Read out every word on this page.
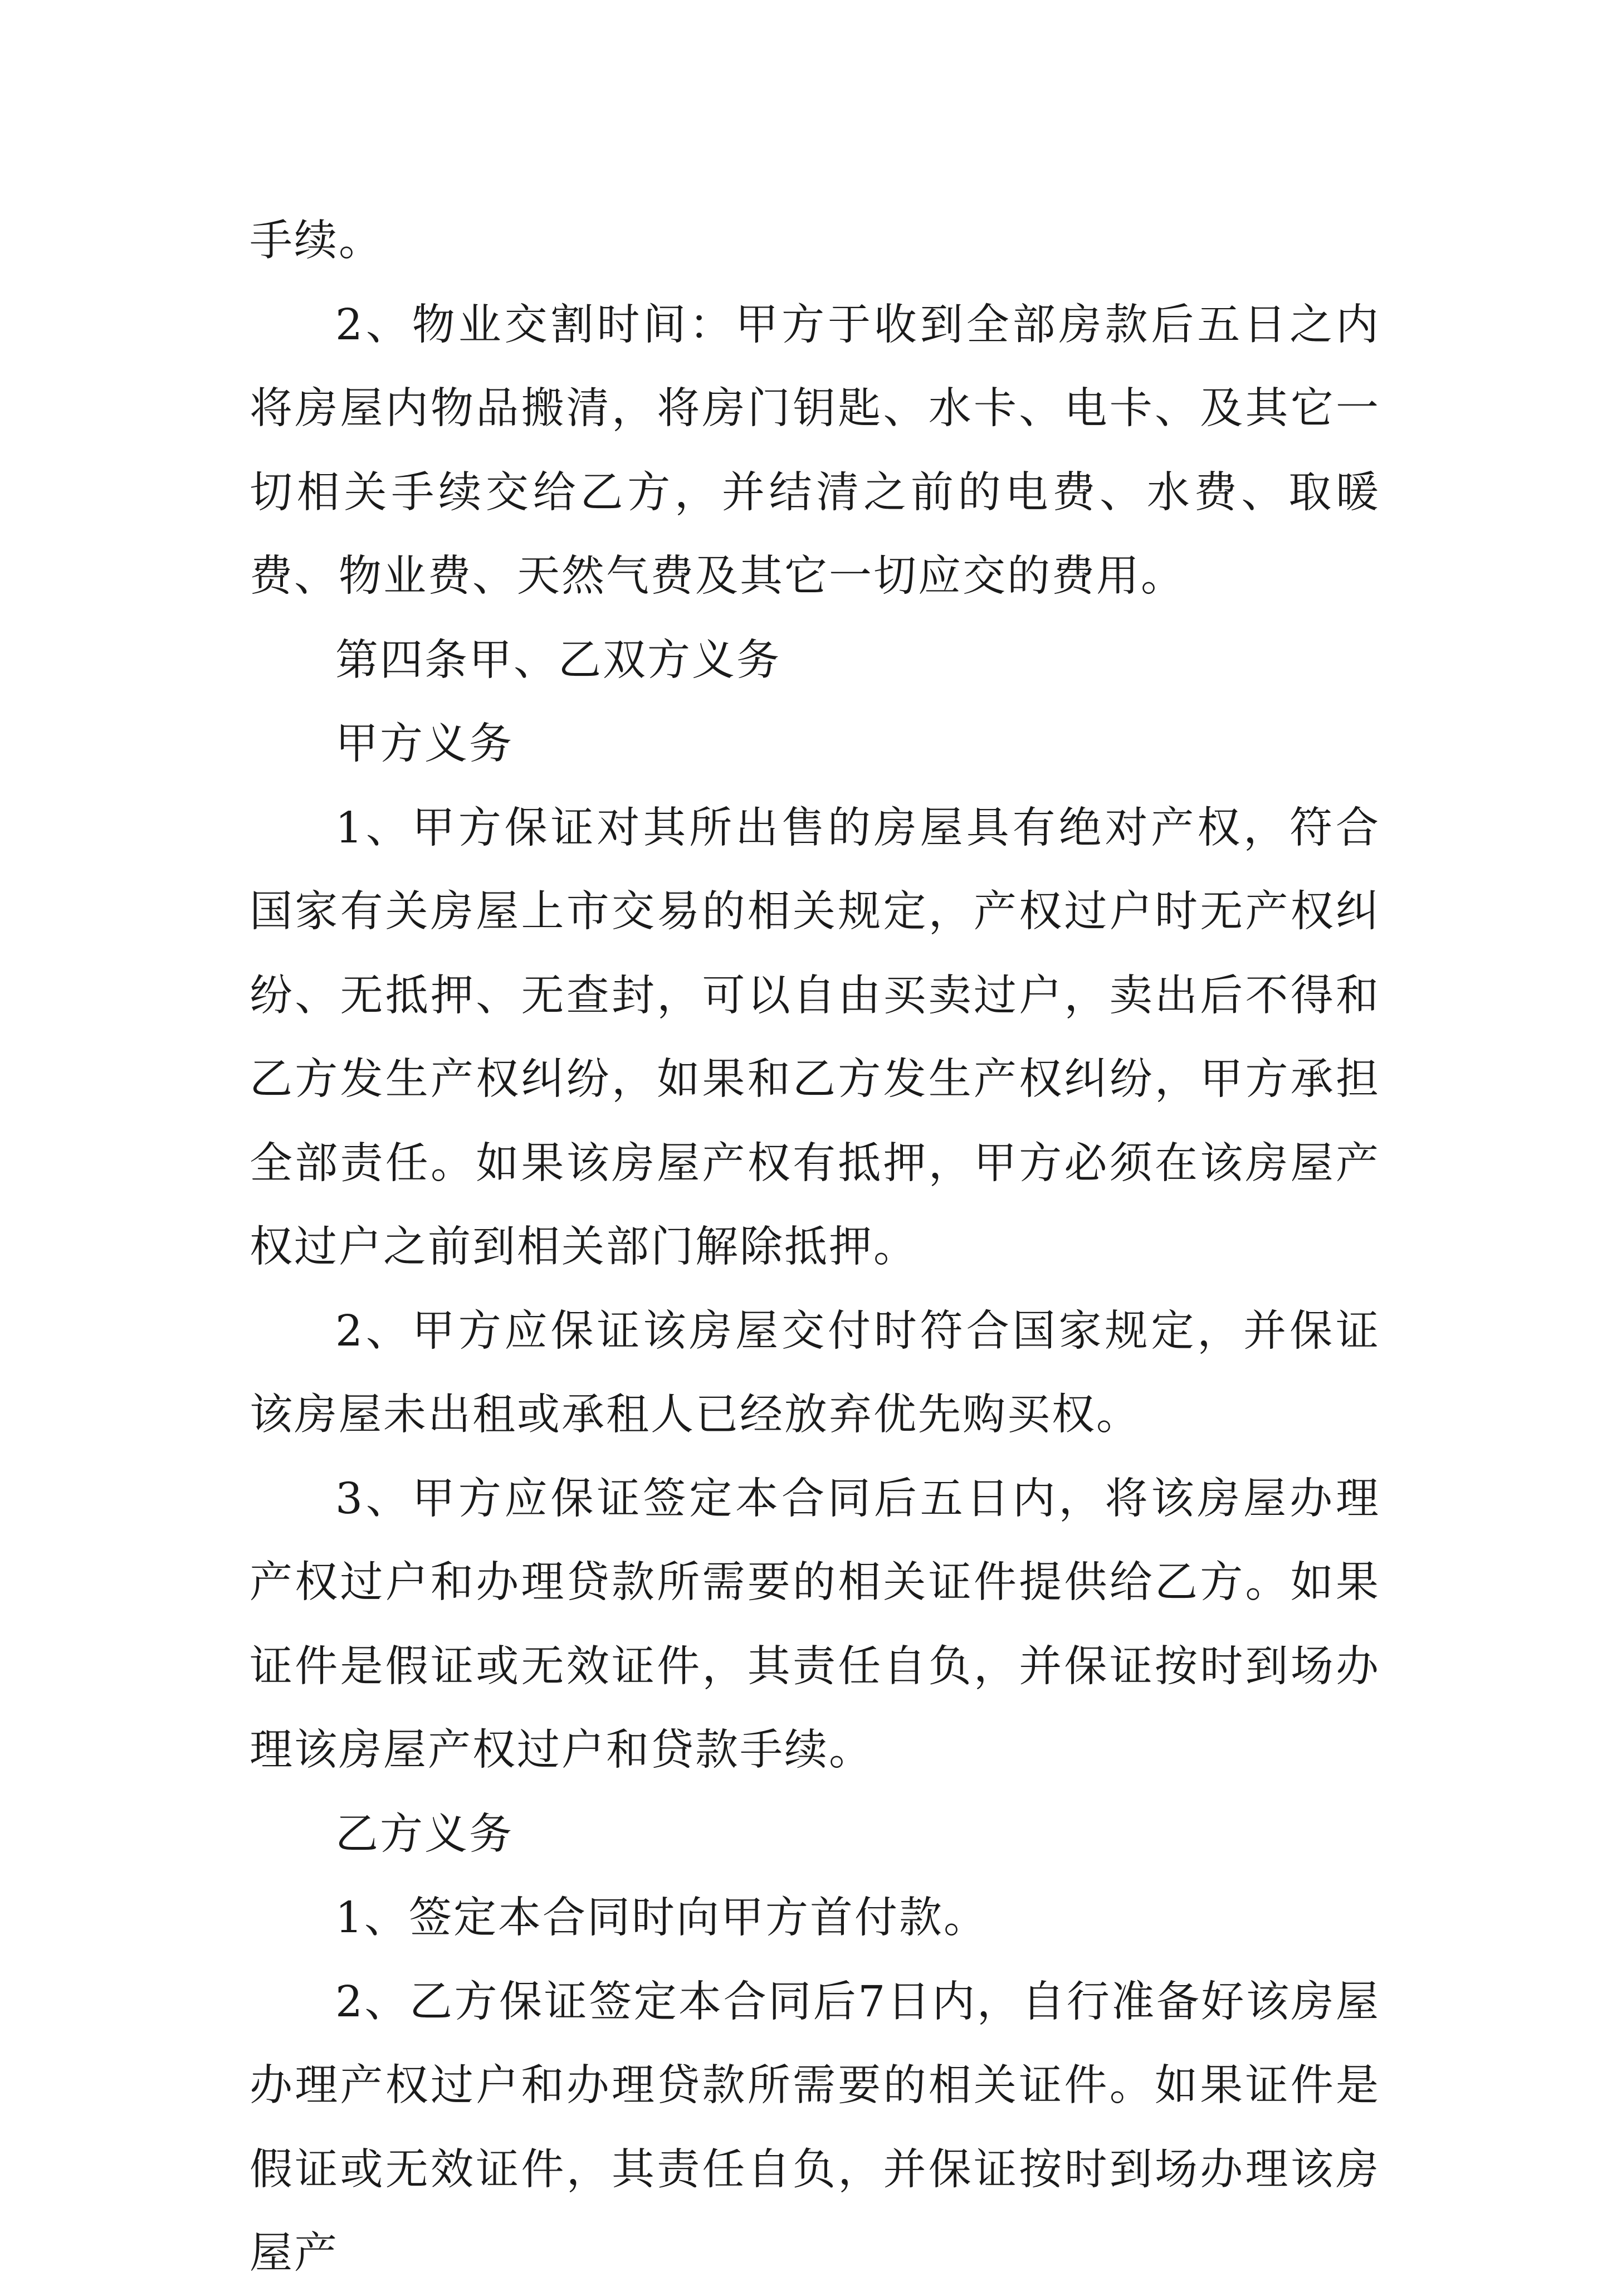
手续。

2、物业交割时间：甲方于收到全部房款后五日之内将房屋内物品搬清，将房门钥匙、水卡、电卡、及其它一切相关手续交给乙方，并结清之前的电费、水费、取暖费、物业费、天然气费及其它一切应交的费用。

第四条甲、乙双方义务

甲方义务

1、甲方保证对其所出售的房屋具有绝对产权，符合国家有关房屋上市交易的相关规定，产权过户时无产权纠纷、无抵押、无查封，可以自由买卖过户，卖出后不得和乙方发生产权纠纷，如果和乙方发生产权纠纷，甲方承担全部责任。如果该房屋产权有抵押，甲方必须在该房屋产权过户之前到相关部门解除抵押。

2、甲方应保证该房屋交付时符合国家规定，并保证该房屋未出租或承租人已经放弃优先购买权。

3、甲方应保证签定本合同后五日内，将该房屋办理产权过户和办理贷款所需要的相关证件提供给乙方。如果证件是假证或无效证件，其责任自负，并保证按时到场办理该房屋产权过户和贷款手续。

乙方义务

1、签定本合同时向甲方首付款。

2、乙方保证签定本合同后7日内，自行准备好该房屋办理产权过户和办理贷款所需要的相关证件。如果证件是假证或无效证件，其责任自负，并保证按时到场办理该房屋产
